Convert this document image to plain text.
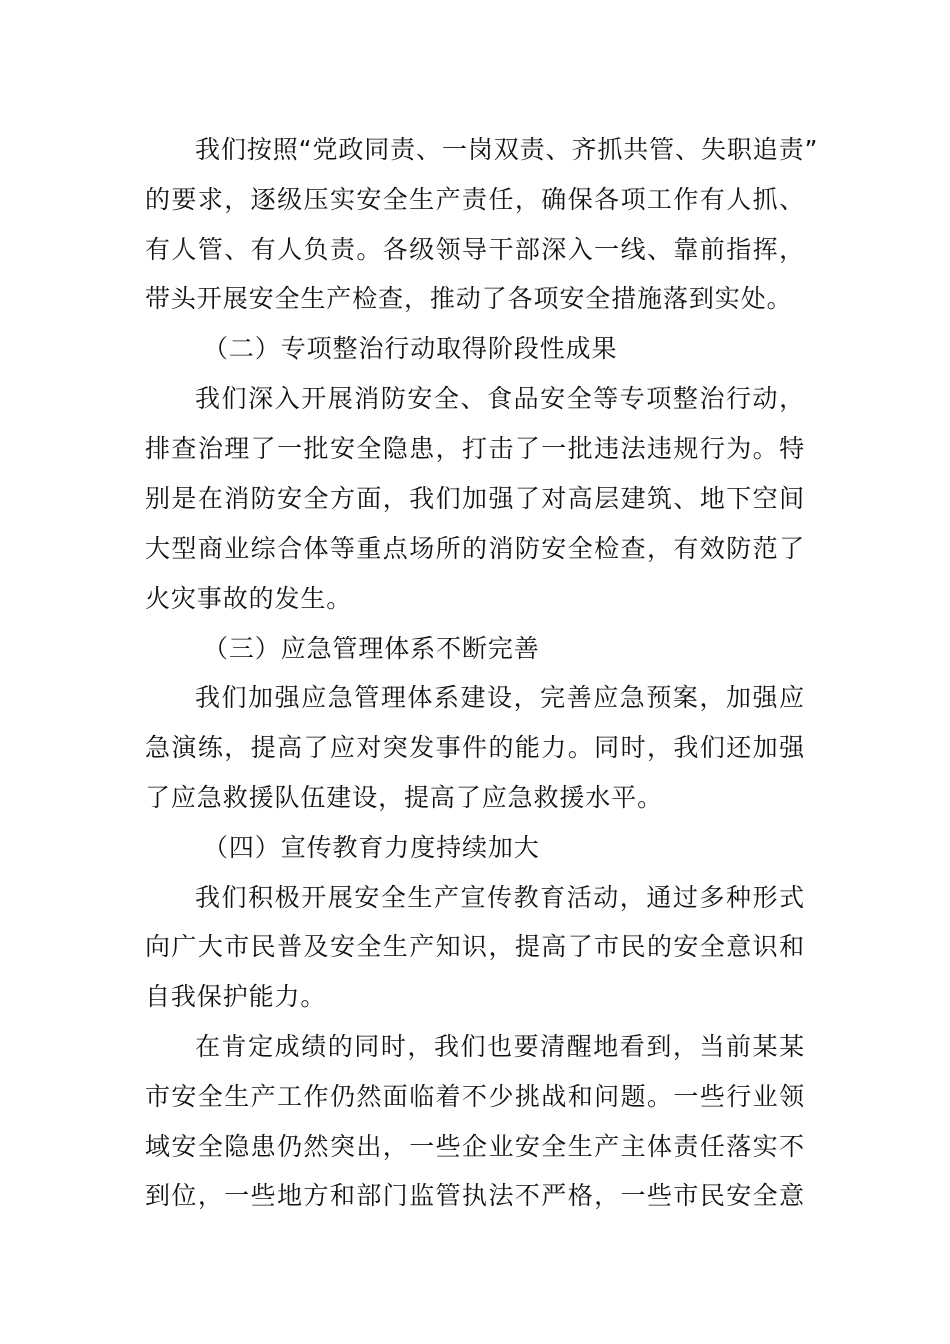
我们按照“党政同责、一岗双责、齐抓共管、失职追责”
的要求，逐级压实安全生产责任，确保各项工作有人抓、
有人管、有人负责。各级领导干部深入一线、靠前指挥，
带头开展安全生产检查，推动了各项安全措施落到实处。
（二）专项整治行动取得阶段性成果
我们深入开展消防安全、食品安全等专项整治行动，
排查治理了一批安全隐患，打击了一批违法违规行为。特
别是在消防安全方面，我们加强了对高层建筑、地下空间
大型商业综合体等重点场所的消防安全检查，有效防范了
火灾事故的发生。
（三）应急管理体系不断完善
我们加强应急管理体系建设，完善应急预案，加强应
急演练，提高了应对突发事件的能力。同时，我们还加强
了应急救援队伍建设，提高了应急救援水平。
（四）宣传教育力度持续加大
我们积极开展安全生产宣传教育活动，通过多种形式
向广大市民普及安全生产知识，提高了市民的安全意识和
自我保护能力。
在肯定成绩的同时，我们也要清醒地看到，当前某某
市安全生产工作仍然面临着不少挑战和问题。一些行业领
域安全隐患仍然突出，一些企业安全生产主体责任落实不
到位，一些地方和部门监管执法不严格，一些市民安全意
